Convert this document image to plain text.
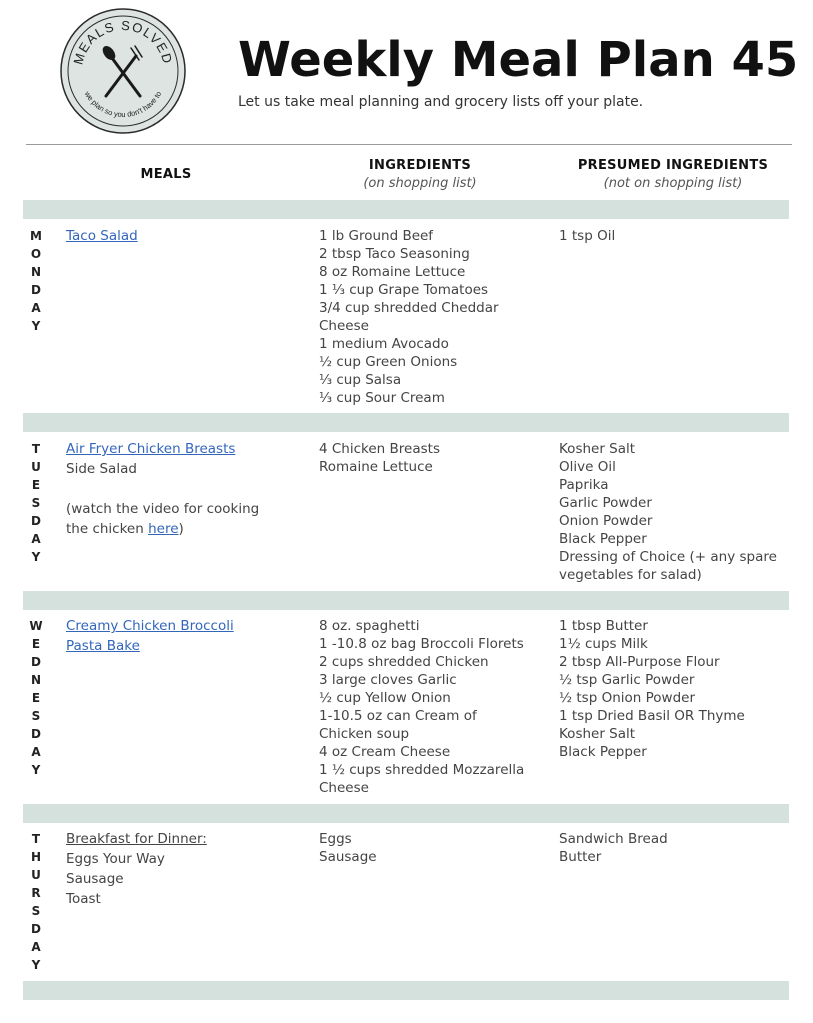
MEALS SOLVED
we plan so you don't have to
Weekly Meal Plan 45
Let us take meal planning and grocery lists off your plate.
MEALS
INGREDIENTS
(on shopping list)
PRESUMED INGREDIENTS
(not on shopping list)
M
O
N
D
A
Y
Taco Salad	1 lb Ground Beef
2 tbsp Taco Seasoning
8 oz Romaine Lettuce
1 ⅓ cup Grape Tomatoes
3/4 cup shredded Cheddar
Cheese
1 medium Avocado
½ cup Green Onions
⅓ cup Salsa
⅓ cup Sour Cream
1 tsp Oil
T
U
E
S
D
A
Y
Air Fryer Chicken Breasts
Side Salad
(watch the video for cooking
the chicken here)
4 Chicken Breasts
Romaine Lettuce
Kosher Salt
Olive Oil
Paprika
Garlic Powder
Onion Powder
Black Pepper
Dressing of Choice (+ any spare
vegetables for salad)
W
E
D
N
E
S
D
A
Y
Creamy Chicken Broccoli
Pasta Bake
8 oz. spaghetti
1 -10.8 oz bag Broccoli Florets
2 cups shredded Chicken
3 large cloves Garlic
½ cup Yellow Onion
1-10.5 oz can Cream of
Chicken soup
4 oz Cream Cheese
1 ½ cups shredded Mozzarella
Cheese
1 tbsp Butter
1½ cups Milk
2 tbsp All-Purpose Flour
½ tsp Garlic Powder
½ tsp Onion Powder
1 tsp Dried Basil OR Thyme
Kosher Salt
Black Pepper
T
H
U
R
S
D
A
Y
Breakfast for Dinner:
Eggs Your Way
Sausage
Toast
Eggs
Sausage
Sandwich Bread
Butter
